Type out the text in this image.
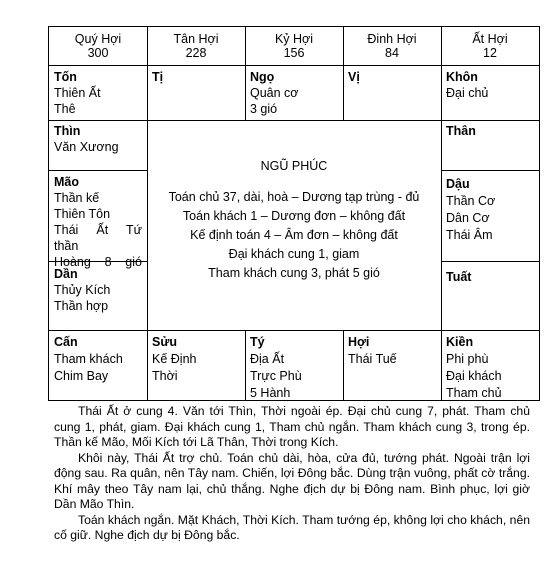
Quý Hợi
300
Tân Hợi
228
Kỷ Hợi
156
Đinh Hợi
84
Ất Hợi
12
Tốn
Thiên Ất
Thê
Tị	Ngọ
Quân cơ
3 gió
Vị	Khôn
Đại chủ
Thìn
Văn Xương
Mão
Thần kế
Thiên Tôn
Thái Ất Tứ
thần
Hoàng 8 gió
Dần
Thủy Kích
Thần hợp
Thân
Dậu
Thần Cơ
Dân Cơ
Thái Âm
Tuất
Cấn
Tham khách
Chim Bay
Sửu
Kế Định
Thời
Tý
Địa Ất
Trực Phù
5 Hành
Hợi
Thái Tuế
Kiền
Phi phù
Đại khách
Tham chủ
NGŨ PHÚC
Toán chủ 37, dài, hoà – Dương tạp trùng - đủ
Toán khách 1 – Dương đơn – không đất
Kế định toán 4 – Âm đơn – không đất
Đại khách cung 1, giam
Tham khách cung 3, phát 5 gió

Thái Ất ở cung 4. Văn tới Thìn, Thời ngoài ép. Đại chủ cung 7, phát. Tham chủ cung 1, phát, giam. Đại khách cung 1, Tham chủ ngắn. Tham khách cung 3, trong ép. Thần kế Mão, Mối Kích tới Lã Thân, Thời trong Kích.

Khôi này, Thái Ất trợ chủ. Toán chủ dài, hòa, cửa đủ, tướng phát. Ngoài trận lợi động sau. Ra quân, nên Tây nam. Chiến, lợi Đông bắc. Dùng trận vuông, phất cờ trắng. Khí mây theo Tây nam lại, chủ thắng. Nghe địch dự bị Đông nam. Bình phục, lợi giờ Dần Mão Thìn.

Toán khách ngắn. Mặt Khách, Thời Kích. Tham tướng ép, không lợi cho khách, nên cố giữ. Nghe địch dự bị Đông bắc.
